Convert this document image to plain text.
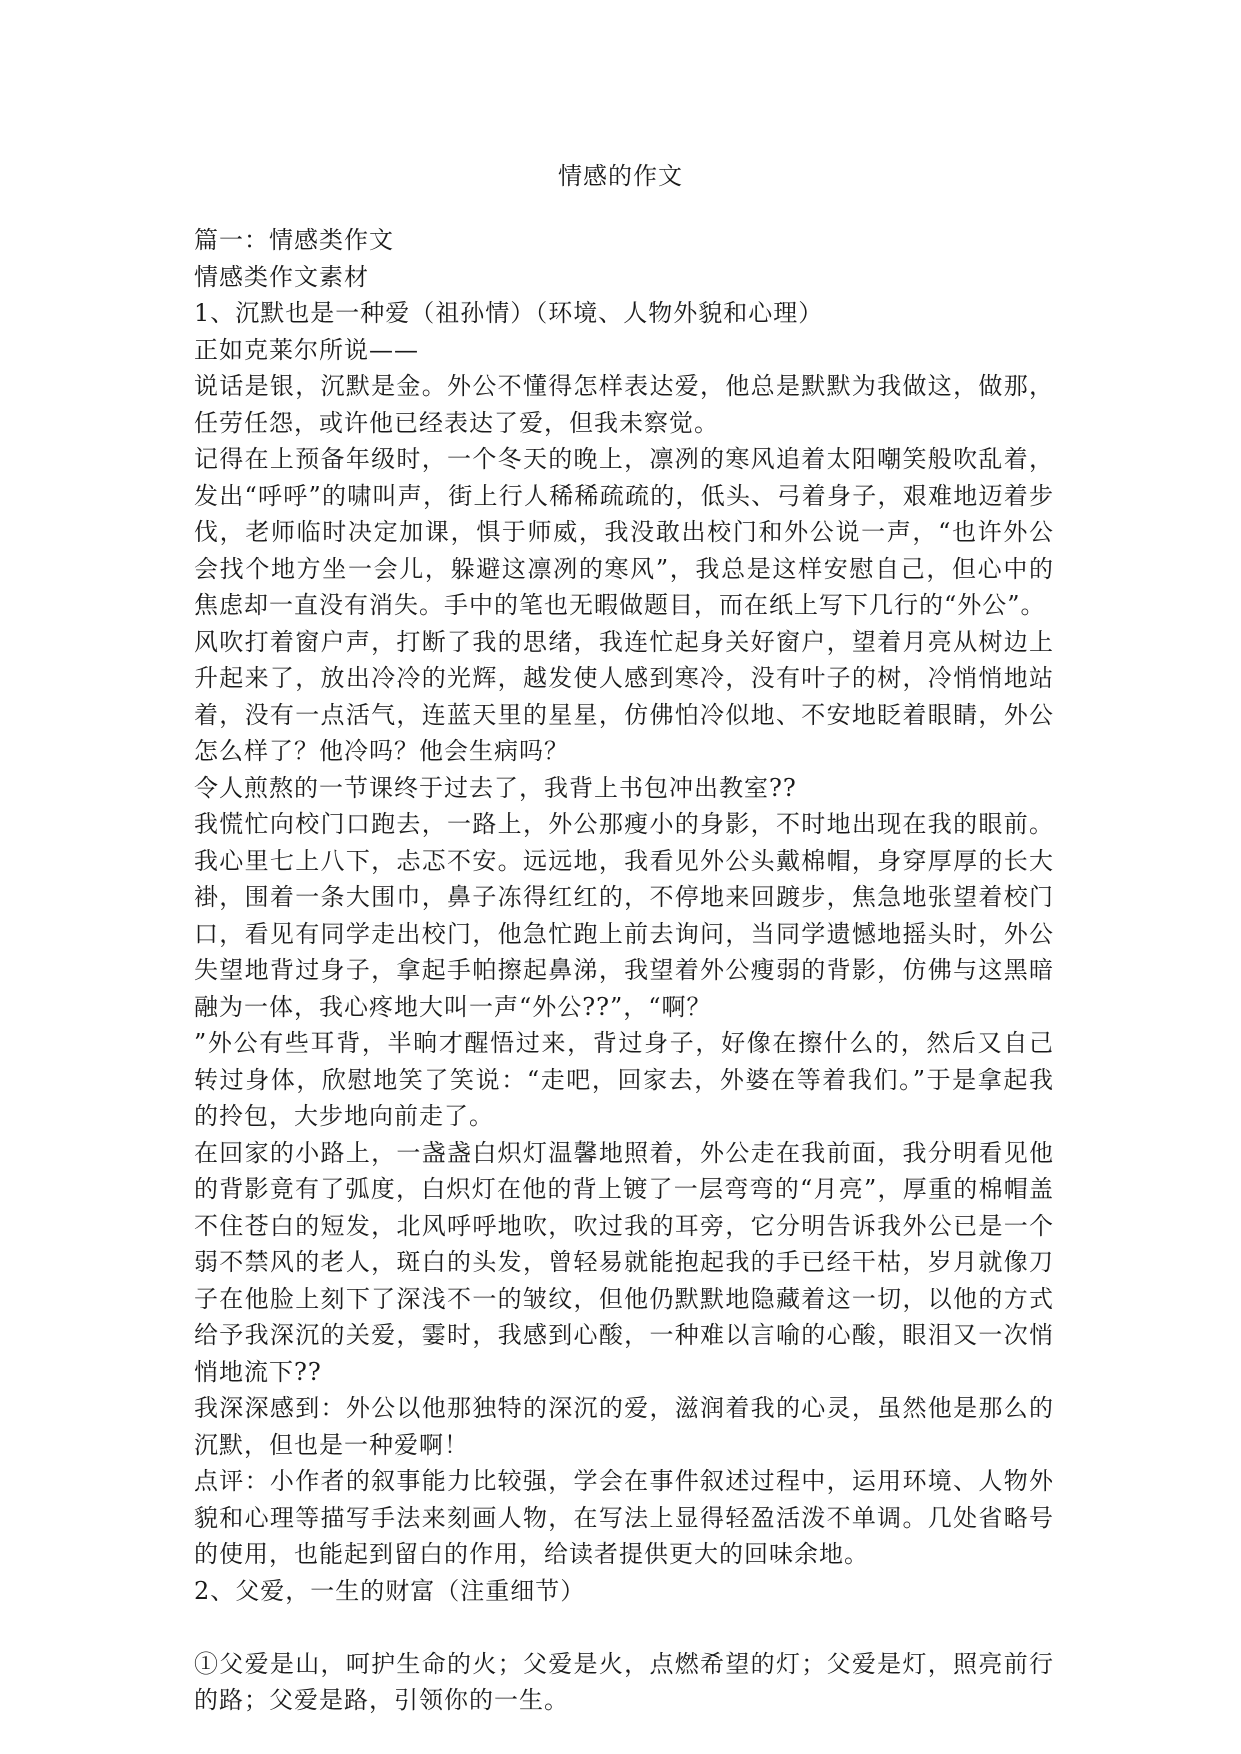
情感的作文

篇一：情感类作文

情感类作文素材

1、沉默也是一种爱（祖孙情）（环境、人物外貌和心理）

正如克莱尔所说——

说话是银，沉默是金。外公不懂得怎样表达爱，他总是默默为我做这，做那，任劳任怨，或许他已经表达了爱，但我未察觉。

记得在上预备年级时，一个冬天的晚上，凛冽的寒风追着太阳嘲笑般吹乱着，发出“呼呼”的啸叫声，街上行人稀稀疏疏的，低头、弓着身子，艰难地迈着步伐，老师临时决定加课，惧于师威，我没敢出校门和外公说一声，“也许外公会找个地方坐一会儿，躲避这凛冽的寒风”，我总是这样安慰自己，但心中的焦虑却一直没有消失。手中的笔也无暇做题目，而在纸上写下几行的“外公”。

风吹打着窗户声，打断了我的思绪，我连忙起身关好窗户，望着月亮从树边上升起来了，放出冷冷的光辉，越发使人感到寒冷，没有叶子的树，冷悄悄地站着，没有一点活气，连蓝天里的星星，仿佛怕冷似地、不安地眨着眼睛，外公怎么样了？他冷吗？他会生病吗？

令人煎熬的一节课终于过去了，我背上书包冲出教室??

我慌忙向校门口跑去，一路上，外公那瘦小的身影，不时地出现在我的眼前。我心里七上八下，忐忑不安。远远地，我看见外公头戴棉帽，身穿厚厚的长大褂，围着一条大围巾，鼻子冻得红红的，不停地来回踱步，焦急地张望着校门口，看见有同学走出校门，他急忙跑上前去询问，当同学遗憾地摇头时，外公失望地背过身子，拿起手帕擦起鼻涕，我望着外公瘦弱的背影，仿佛与这黑暗融为一体，我心疼地大叫一声“外公??”，“啊？

”外公有些耳背，半晌才醒悟过来，背过身子，好像在擦什么的，然后又自己转过身体，欣慰地笑了笑说：“走吧，回家去，外婆在等着我们。”于是拿起我的拎包，大步地向前走了。

在回家的小路上，一盏盏白炽灯温馨地照着，外公走在我前面，我分明看见他的背影竟有了弧度，白炽灯在他的背上镀了一层弯弯的“月亮”，厚重的棉帽盖不住苍白的短发，北风呼呼地吹，吹过我的耳旁，它分明告诉我外公已是一个弱不禁风的老人，斑白的头发，曾轻易就能抱起我的手已经干枯，岁月就像刀子在他脸上刻下了深浅不一的皱纹，但他仍默默地隐藏着这一切，以他的方式给予我深沉的关爱，霎时，我感到心酸，一种难以言喻的心酸，眼泪又一次悄悄地流下??

我深深感到：外公以他那独特的深沉的爱，滋润着我的心灵，虽然他是那么的沉默，但也是一种爱啊！

点评：小作者的叙事能力比较强，学会在事件叙述过程中，运用环境、人物外貌和心理等描写手法来刻画人物，在写法上显得轻盈活泼不单调。几处省略号的使用，也能起到留白的作用，给读者提供更大的回味余地。

2、父爱，一生的财富（注重细节）

①父爱是山，呵护生命的火；父爱是火，点燃希望的灯；父爱是灯，照亮前行的路；父爱是路，引领你的一生。
